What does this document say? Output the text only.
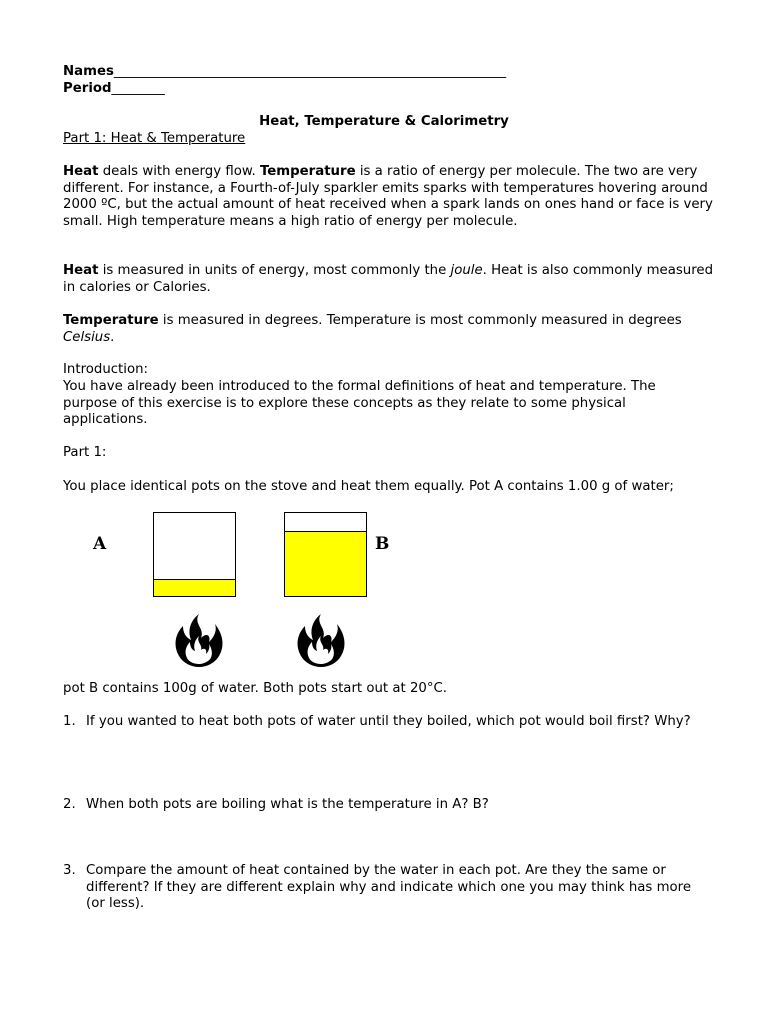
Names___________________________________________________________
Period________
Heat, Temperature & Calorimetry
Part 1: Heat & Temperature
Heat deals with energy flow. Temperature is a ratio of energy per molecule. The two are very different. For instance, a Fourth-of-July sparkler emits sparks with temperatures hovering around 2000 ºC, but the actual amount of heat received when a spark lands on ones hand or face is very small. High temperature means a high ratio of energy per molecule.
Heat is measured in units of energy, most commonly the joule. Heat is also commonly measured in calories or Calories.
Temperature is measured in degrees. Temperature is most commonly measured in degrees Celsius.
Introduction:
You have already been introduced to the formal definitions of heat and temperature. The purpose of this exercise is to explore these concepts as they relate to some physical applications.
Part 1:
You place identical pots on the stove and heat them equally. Pot A contains 1.00 g of water;
A	B
pot B contains 100g of water. Both pots start out at 20°C.
1. If you wanted to heat both pots of water until they boiled, which pot would boil first? Why?
2. When both pots are boiling what is the temperature in A? B?
3. Compare the amount of heat contained by the water in each pot. Are they the same or different? If they are different explain why and indicate which one you may think has more (or less).
